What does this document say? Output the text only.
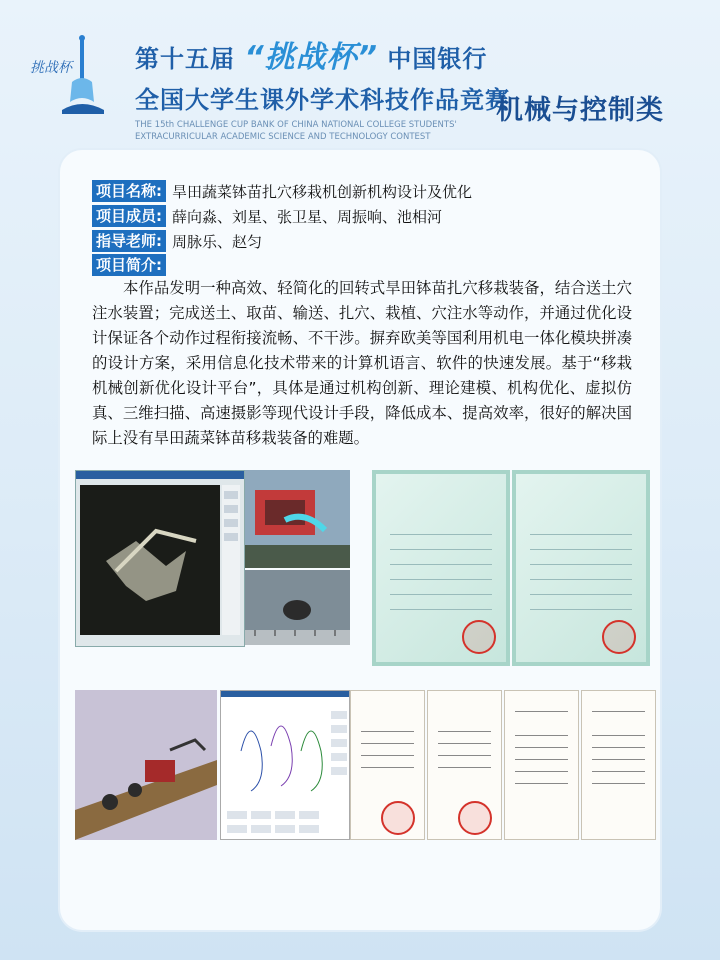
挑战杯	第十五届 “挑战杯” 中国银行
全国大学生课外学术科技作品竞赛
THE 15th CHALLENGE CUP BANK OF CHINA NATIONAL COLLEGE STUDENTS'
EXTRACURRICULAR ACADEMIC SCIENCE AND TECHNOLOGY CONTEST
机械与控制类
项目名称: 旱田蔬菜钵苗扎穴移栽机创新机构设计及优化
项目成员: 薛向淼、刘星、张卫星、周振响、池相河
指导老师: 周脉乐、赵匀
项目简介:
本作品发明一种高效、轻简化的回转式旱田钵苗扎穴移栽装备，结合送土穴注水装置；完成送土、取苗、输送、扎穴、栽植、穴注水等动作，并通过优化设计保证各个动作过程衔接流畅、不干涉。摒弃欧美等国利用机电一体化模块拼凑的设计方案，采用信息化技术带来的计算机语言、软件的快速发展。基于“移栽机械创新优化设计平台”，具体是通过机构创新、理论建模、机构优化、虚拟仿真、三维扫描、高速摄影等现代设计手段，降低成本、提高效率，很好的解决国际上没有旱田蔬菜钵苗移栽装备的难题。
